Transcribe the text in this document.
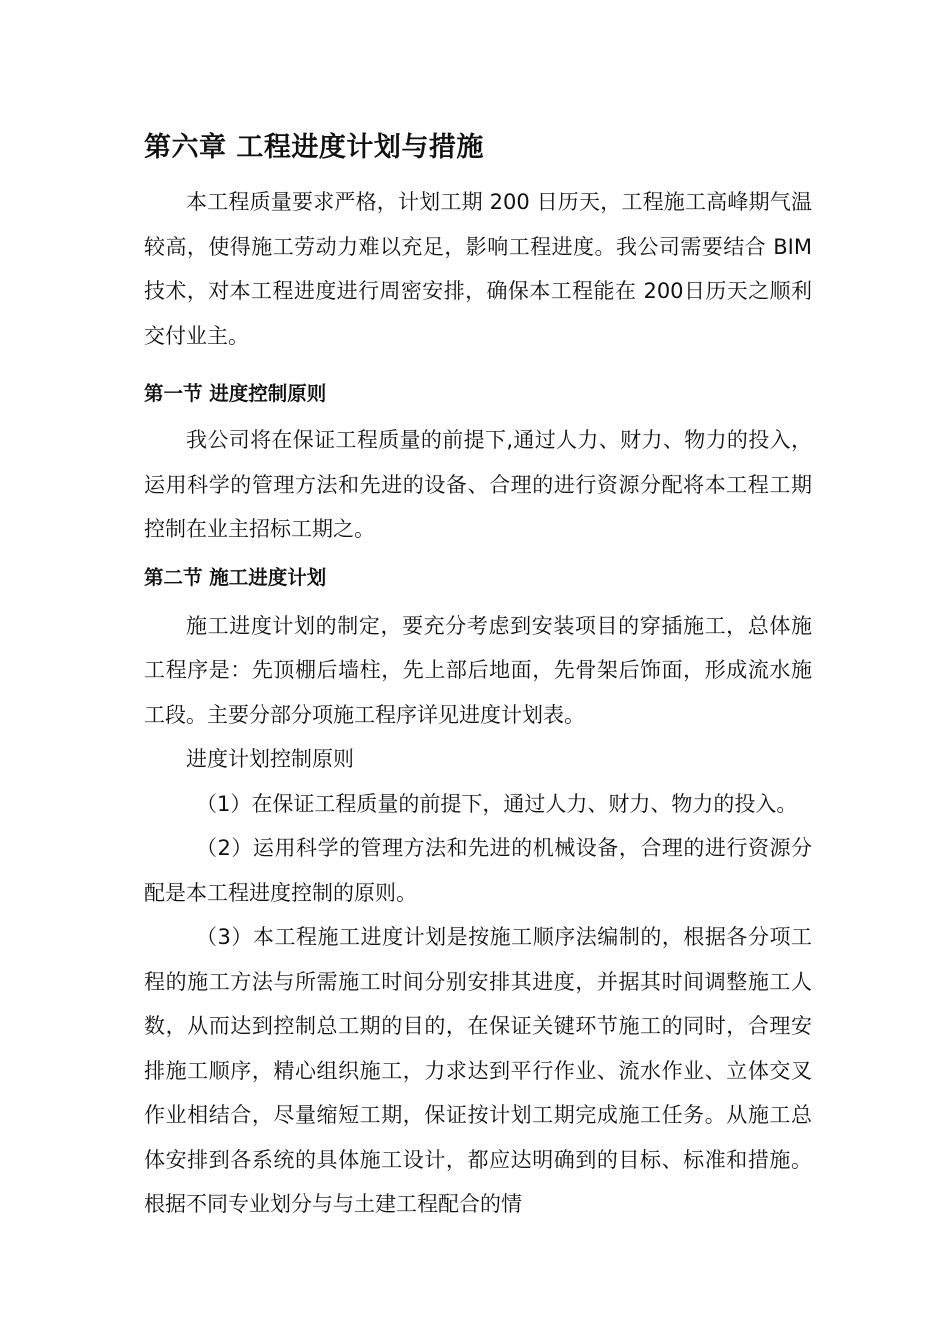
第六章 工程进度计划与措施

本工程质量要求严格，计划工期 200 日历天，工程施工高峰期气温较高，使得施工劳动力难以充足，影响工程进度。我公司需要结合 BIM 技术，对本工程进度进行周密安排，确保本工程能在 200日历天之顺利交付业主。

第一节 进度控制原则

我公司将在保证工程质量的前提下,通过人力、财力、物力的投入，运用科学的管理方法和先进的设备、合理的进行资源分配将本工程工期控制在业主招标工期之。

第二节 施工进度计划

施工进度计划的制定，要充分考虑到安装项目的穿插施工，总体施工程序是：先顶棚后墙柱，先上部后地面，先骨架后饰面，形成流水施工段。主要分部分项施工程序详见进度计划表。

进度计划控制原则

（1）在保证工程质量的前提下，通过人力、财力、物力的投入。

（2）运用科学的管理方法和先进的机械设备，合理的进行资源分配是本工程进度控制的原则。

（3）本工程施工进度计划是按施工顺序法编制的，根据各分项工程的施工方法与所需施工时间分别安排其进度，并据其时间调整施工人数，从而达到控制总工期的目的，在保证关键环节施工的同时，合理安排施工顺序，精心组织施工，力求达到平行作业、流水作业、立体交叉作业相结合，尽量缩短工期，保证按计划工期完成施工任务。从施工总体安排到各系统的具体施工设计，都应达明确到的目标、标准和措施。根据不同专业划分与与土建工程配合的情
